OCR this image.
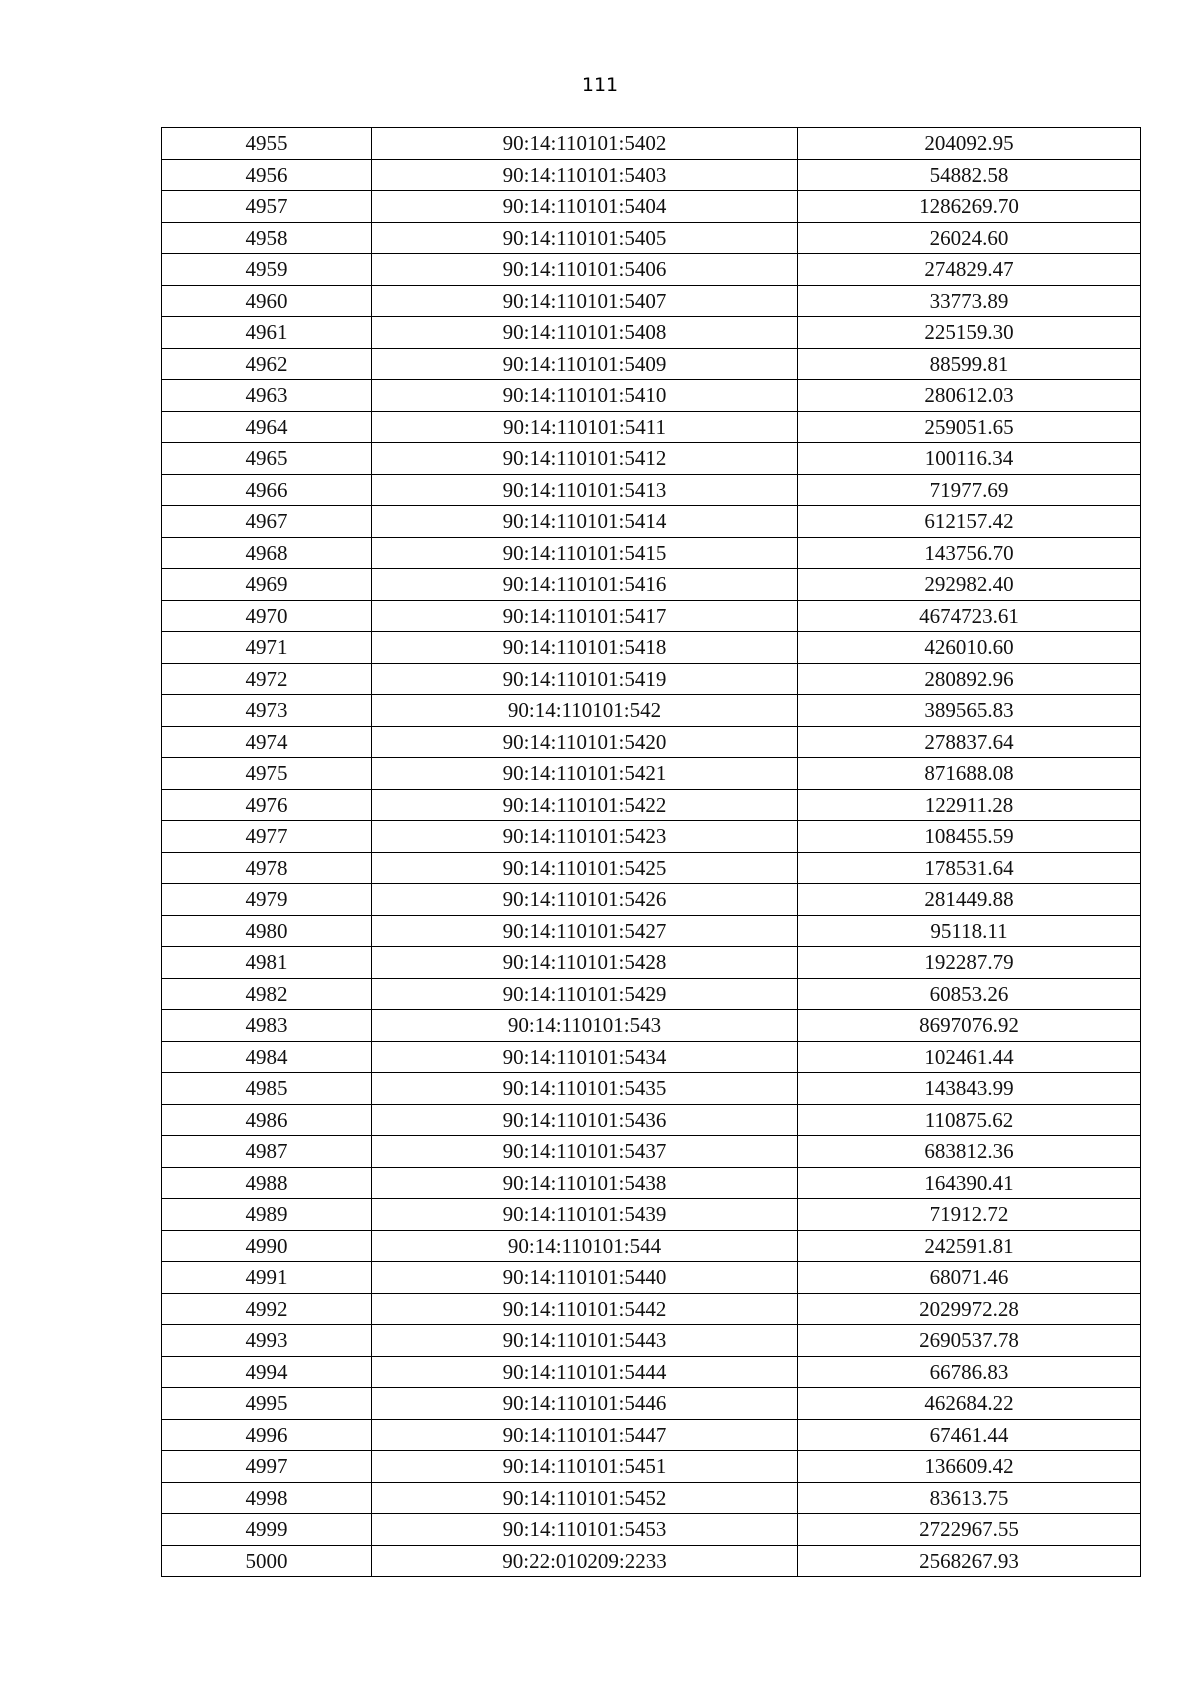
111
4955	90:14:110101:5402	204092.95
4956	90:14:110101:5403	54882.58
4957	90:14:110101:5404	1286269.70
4958	90:14:110101:5405	26024.60
4959	90:14:110101:5406	274829.47
4960	90:14:110101:5407	33773.89
4961	90:14:110101:5408	225159.30
4962	90:14:110101:5409	88599.81
4963	90:14:110101:5410	280612.03
4964	90:14:110101:5411	259051.65
4965	90:14:110101:5412	100116.34
4966	90:14:110101:5413	71977.69
4967	90:14:110101:5414	612157.42
4968	90:14:110101:5415	143756.70
4969	90:14:110101:5416	292982.40
4970	90:14:110101:5417	4674723.61
4971	90:14:110101:5418	426010.60
4972	90:14:110101:5419	280892.96
4973	90:14:110101:542	389565.83
4974	90:14:110101:5420	278837.64
4975	90:14:110101:5421	871688.08
4976	90:14:110101:5422	122911.28
4977	90:14:110101:5423	108455.59
4978	90:14:110101:5425	178531.64
4979	90:14:110101:5426	281449.88
4980	90:14:110101:5427	95118.11
4981	90:14:110101:5428	192287.79
4982	90:14:110101:5429	60853.26
4983	90:14:110101:543	8697076.92
4984	90:14:110101:5434	102461.44
4985	90:14:110101:5435	143843.99
4986	90:14:110101:5436	110875.62
4987	90:14:110101:5437	683812.36
4988	90:14:110101:5438	164390.41
4989	90:14:110101:5439	71912.72
4990	90:14:110101:544	242591.81
4991	90:14:110101:5440	68071.46
4992	90:14:110101:5442	2029972.28
4993	90:14:110101:5443	2690537.78
4994	90:14:110101:5444	66786.83
4995	90:14:110101:5446	462684.22
4996	90:14:110101:5447	67461.44
4997	90:14:110101:5451	136609.42
4998	90:14:110101:5452	83613.75
4999	90:14:110101:5453	2722967.55
5000	90:22:010209:2233	2568267.93
